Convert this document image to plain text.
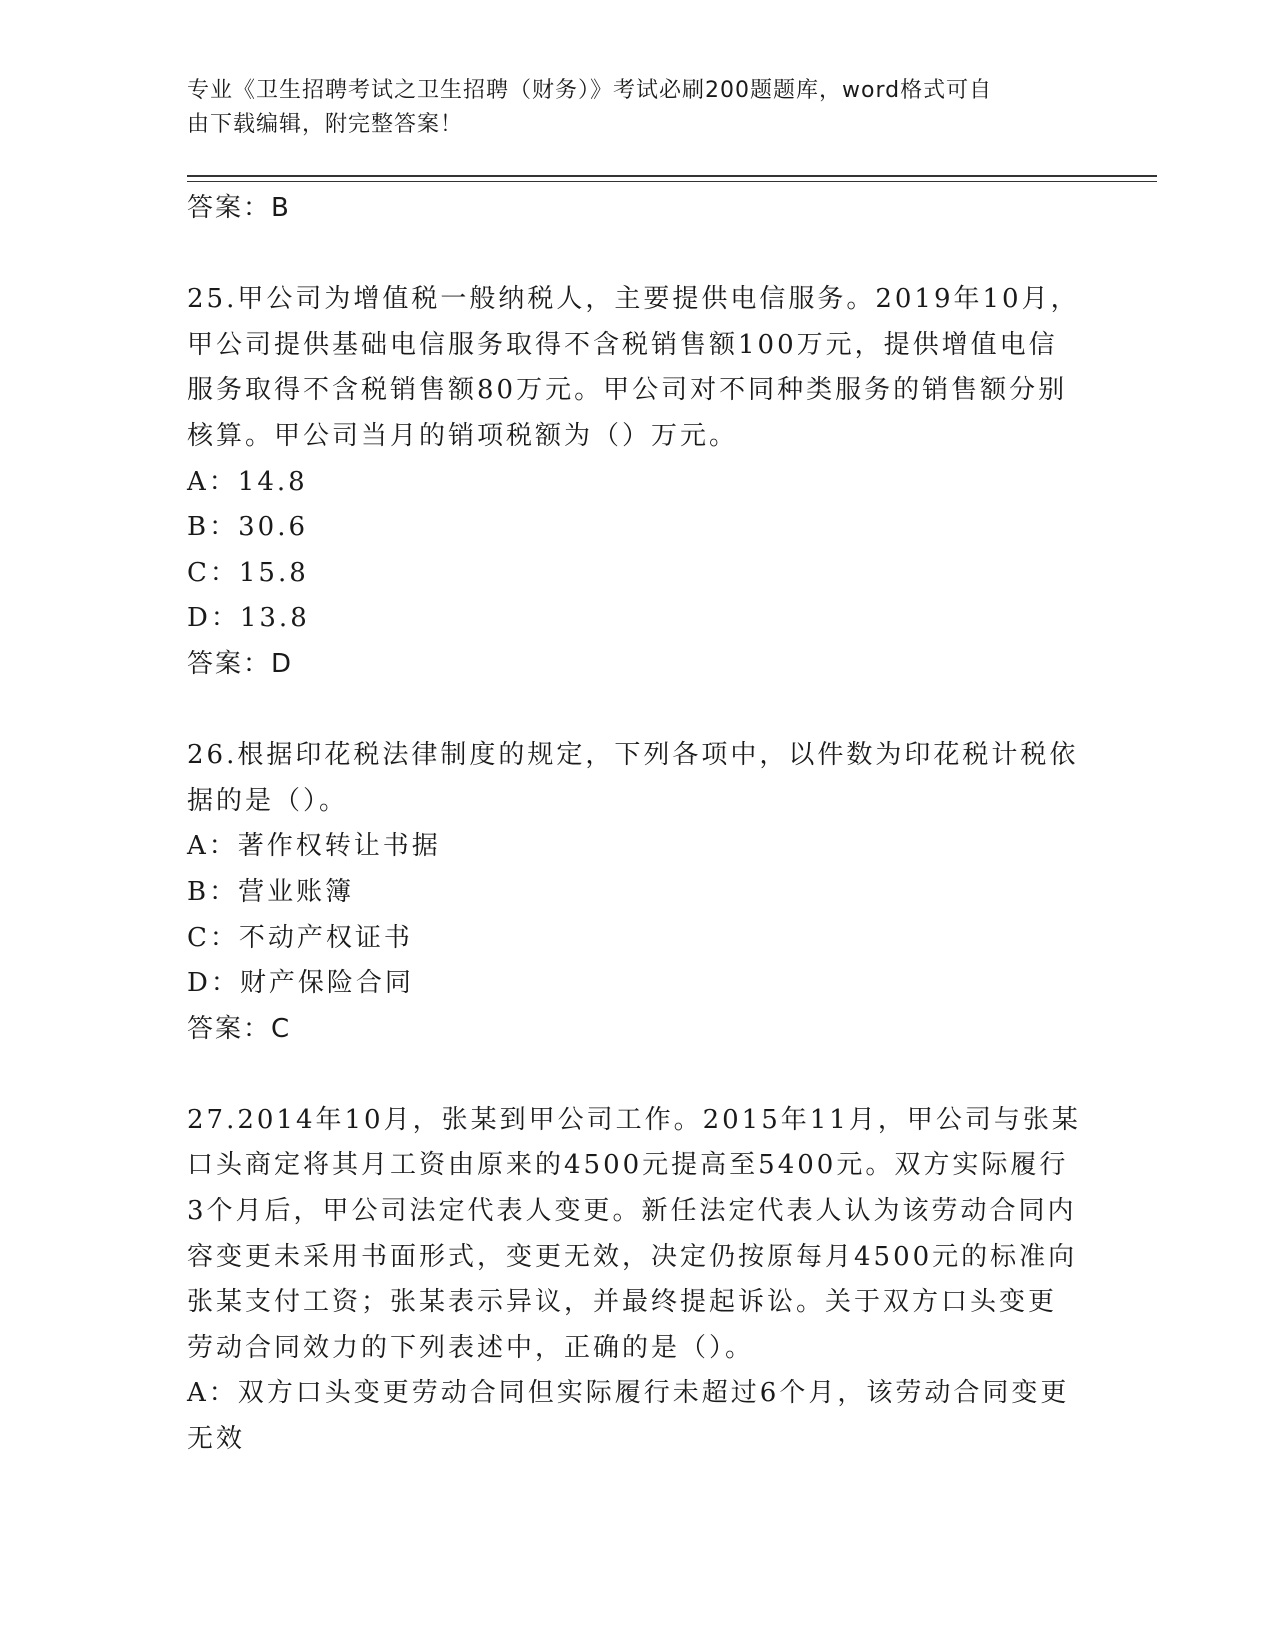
专业《卫生招聘考试之卫生招聘（财务）》考试必刷200题题库，word格式可自
由下载编辑，附完整答案！
答案：B
25.甲公司为增值税一般纳税人，主要提供电信服务。2019年10月，
甲公司提供基础电信服务取得不含税销售额100万元，提供增值电信
服务取得不含税销售额80万元。甲公司对不同种类服务的销售额分别
核算。甲公司当月的销项税额为（）万元。
A：14.8
B：30.6
C：15.8
D：13.8
答案：D
26.根据印花税法律制度的规定，下列各项中，以件数为印花税计税依
据的是（）。
A：著作权转让书据
B：营业账簿
C：不动产权证书
D：财产保险合同
答案：C
27.2014年10月，张某到甲公司工作。2015年11月，甲公司与张某
口头商定将其月工资由原来的4500元提高至5400元。双方实际履行
3个月后，甲公司法定代表人变更。新任法定代表人认为该劳动合同内
容变更未采用书面形式，变更无效，决定仍按原每月4500元的标准向
张某支付工资；张某表示异议，并最终提起诉讼。关于双方口头变更
劳动合同效力的下列表述中，正确的是（）。
A：双方口头变更劳动合同但实际履行未超过6个月，该劳动合同变更
无效
